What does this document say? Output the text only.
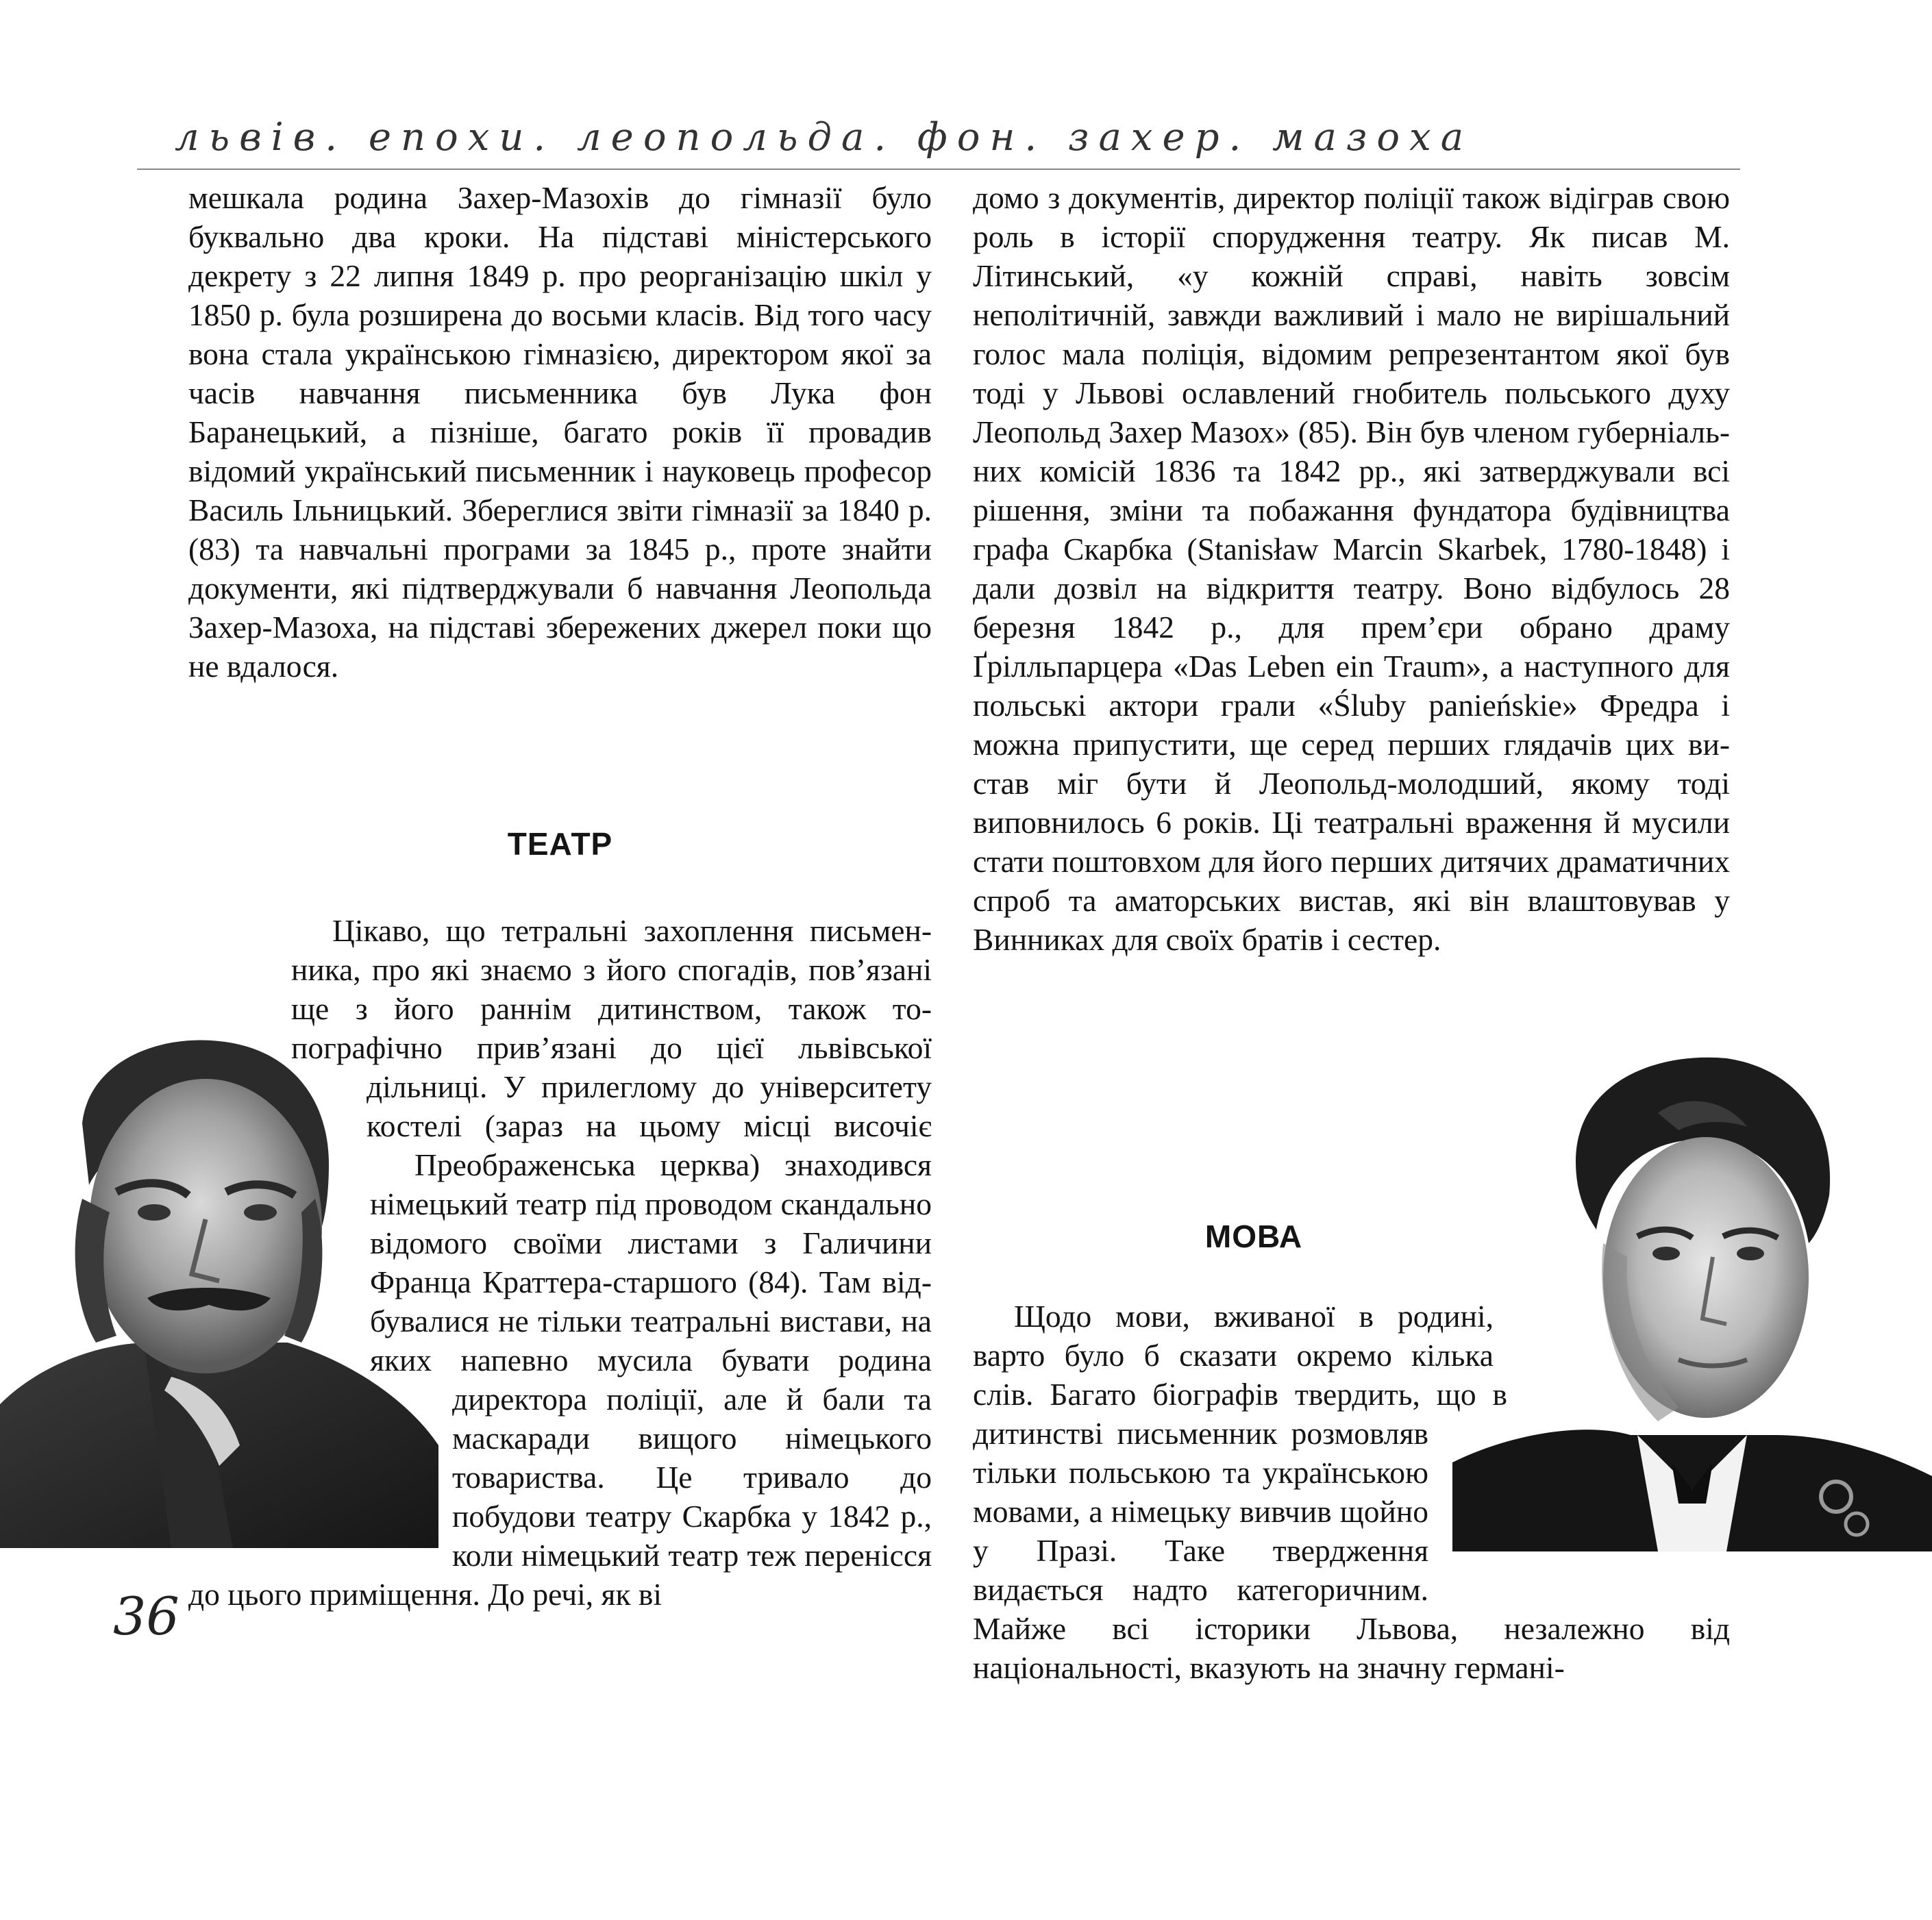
львів. епохи. леопольда. фон. захер. мазоха

мешкала родина Захер-Мазохів до гімназії було буквально два кроки. На підставі міністерського декрету з 22 липня 1849 р. про реорганізацію шкіл у 1850 р. була розширена до восьми класів. Від того часу вона стала українською гімназією, директором якої за часів навчання письменника був Лука фон Баранецький, а пізніше, багато років її провадив відомий український письменник і науковець професор Василь Ільницький. Збереглися звіти гімназії за 1840 р. (83) та навчальні програми за 1845 р., проте знайти документи, які підтверджували б навчання Леопольда Захер-Мазоха, на підставі збережених джерел поки що не вдалося.

ТЕАТР

Цікаво, що тетральні захоплення письменника, про які знаємо з його спогадів, пов’язані ще з його раннім дитинством, також топографічно прив’язані до цієї львівської дільниці. У прилеглому до університету костелі (зараз на цьому місці височіє Преображенська церква) знаходився німецький театр під проводом скандально відомого своїми листами з Галичини Франца Краттера-старшого (84). Там відбувалися не тільки театральні вистави, на яких напевно мусила бувати родина директора поліції, але й бали та маскаради вищого німецького товариства. Це тривало до побудови театру Скарбка у 1842 р., коли німецький театр теж переніcся до цього приміщення. До речі, як ві

домо з документів, директор поліції також відіграв свою роль в історії спорудження театру. Як писав М. Літинський, «у кожній справі, навіть зовсім неполітичній, завжди важливий і мало не вирішальний голос мала поліція, відомим репрезентантом якої був тоді у Львові ославлений гнобитель польського духу Леопольд Захер Мазох» (85). Він був членом губерніальних комісій 1836 та 1842 рр., які затверджували всі рішення, зміни та побажання фундатора будівництва графа Скарбка (Stanisław Marcin Skarbek, 1780-1848) і дали дозвіл на відкриття театру. Воно відбулось 28 березня 1842 р., для прем’єри обрано драму Ґрілльпарцера «Das Leben ein Traum», а наступного для польські актори грали «Śluby panieńskie» Фредра і можна припустити, ще серед перших глядачів цих вистав міг бути й Леопольд-молодший, якому тоді виповнилось 6 років. Ці театральні враження й мусили стати поштовхом для його перших дитячих драматичних спроб та аматорських вистав, які він влаштовував у Винниках для своїх братів і сестер.

МОВА

Щодо мови, вживаної в родині, варто було б сказати окремо кілька слів. Багато біографів твердить, що в дитинстві письменник розмовляв тільки польською та українською мовами, а німецьку вивчив щойно у Празі. Таке твердження видається надто категоричним. Майже всі історики Львова, незалежно від національності, вказують на значну германі-

36
